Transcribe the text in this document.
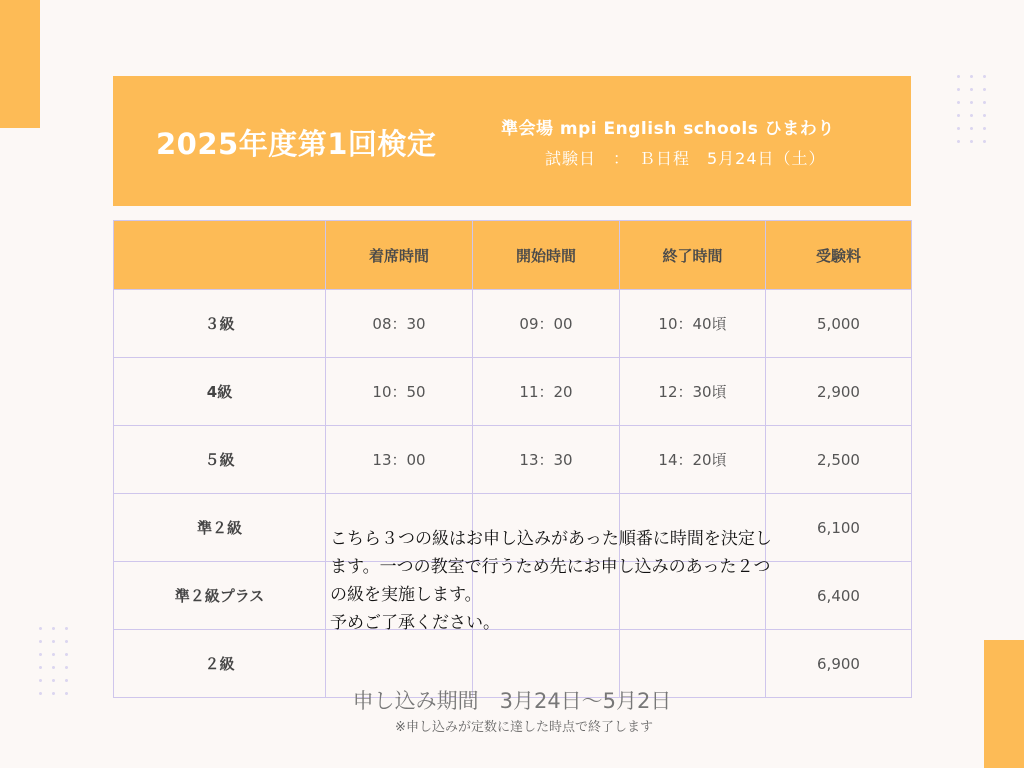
2025年度第1回検定	準会場 mpi English schools ひまわり
試験日　：　Ｂ日程　5月24日（土）
	着席時間	開始時間	終了時間	受験料
３級	08：30	09：00	10：40頃	5,000
4級	10：50	11：20	12：30頃	2,900
５級	13：00	13：30	14：20頃	2,500
準２級				6,100
準２級プラス				6,400
２級				6,900
こちら３つの級はお申し込みがあった順番に時間を決定します。一つの教室で行うため先にお申し込みのあった２つの級を実施します。
予めご了承ください。
申し込み期間　3月24日〜5月2日
※申し込みが定数に達した時点で終了します
